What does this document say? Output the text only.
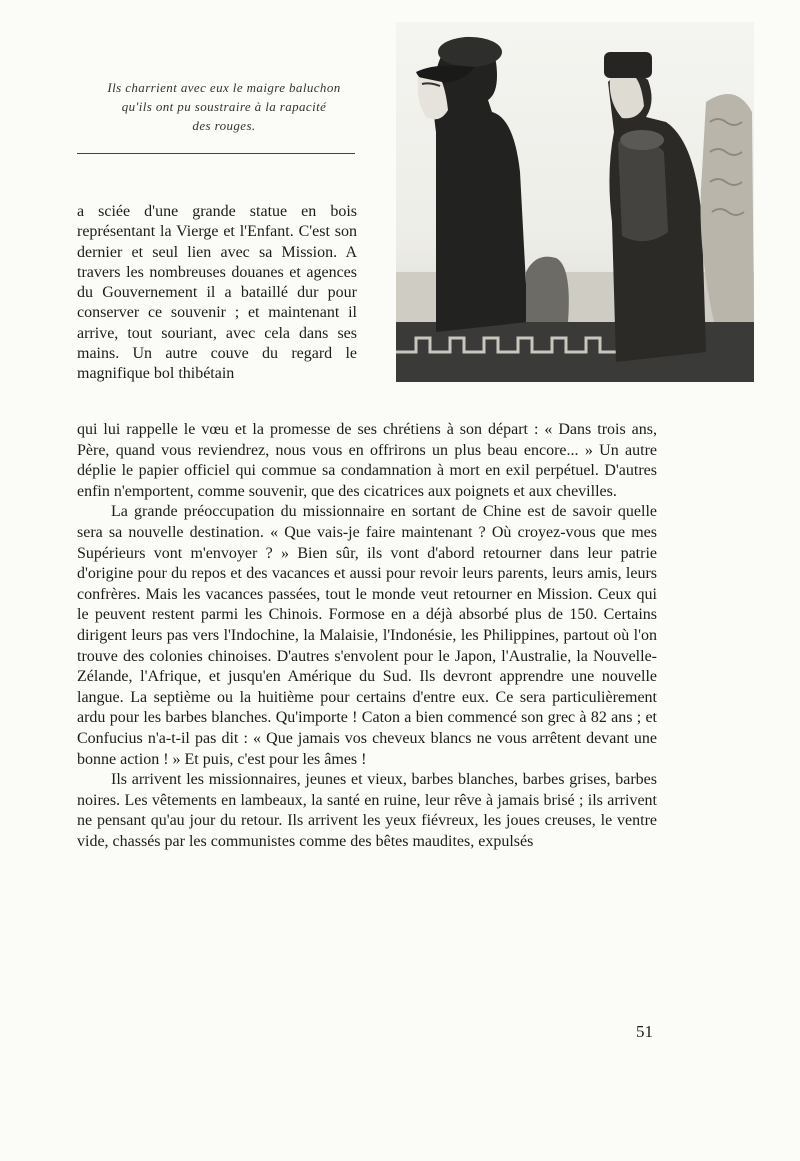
Ils charrient avec eux le maigre baluchon
qu'ils ont pu soustraire à la rapacité
des rouges.

a sciée d'une grande statue en bois représentant la Vierge et l'Enfant. C'est son dernier et seul lien avec sa Mission. A travers les nombreuses douanes et agences du Gouvernement il a bataillé dur pour conserver ce souvenir ; et maintenant il arrive, tout souriant, avec cela dans ses mains. Un autre couve du regard le magnifique bol thibétain

qui lui rappelle le vœu et la promesse de ses chrétiens à son départ : « Dans trois ans, Père, quand vous reviendrez, nous vous en offrirons un plus beau encore... » Un autre déplie le papier officiel qui commue sa condamnation à mort en exil perpétuel. D'autres enfin n'emportent, comme souvenir, que des cicatrices aux poignets et aux chevilles.

La grande préoccupation du missionnaire en sortant de Chine est de savoir quelle sera sa nouvelle destination. « Que vais-je faire maintenant ? Où croyez-vous que mes Supérieurs vont m'envoyer ? » Bien sûr, ils vont d'abord retourner dans leur patrie d'origine pour du repos et des vacances et aussi pour revoir leurs parents, leurs amis, leurs confrères. Mais les vacances passées, tout le monde veut retourner en Mission. Ceux qui le peuvent restent parmi les Chinois. Formose en a déjà absorbé plus de 150. Certains dirigent leurs pas vers l'Indochine, la Malaisie, l'Indonésie, les Philippines, partout où l'on trouve des colonies chinoises. D'autres s'envolent pour le Japon, l'Australie, la Nouvelle-Zélande, l'Afrique, et jusqu'en Amérique du Sud. Ils devront apprendre une nouvelle langue. La septième ou la huitième pour certains d'entre eux. Ce sera particulièrement ardu pour les barbes blanches. Qu'importe ! Caton a bien commencé son grec à 82 ans ; et Confucius n'a-t-il pas dit : « Que jamais vos cheveux blancs ne vous arrêtent devant une bonne action ! » Et puis, c'est pour les âmes !

Ils arrivent les missionnaires, jeunes et vieux, barbes blanches, barbes grises, barbes noires. Les vêtements en lambeaux, la santé en ruine, leur rêve à jamais brisé ; ils arrivent ne pensant qu'au jour du retour. Ils arrivent les yeux fiévreux, les joues creuses, le ventre vide, chassés par les communistes comme des bêtes maudites, expulsés

51
